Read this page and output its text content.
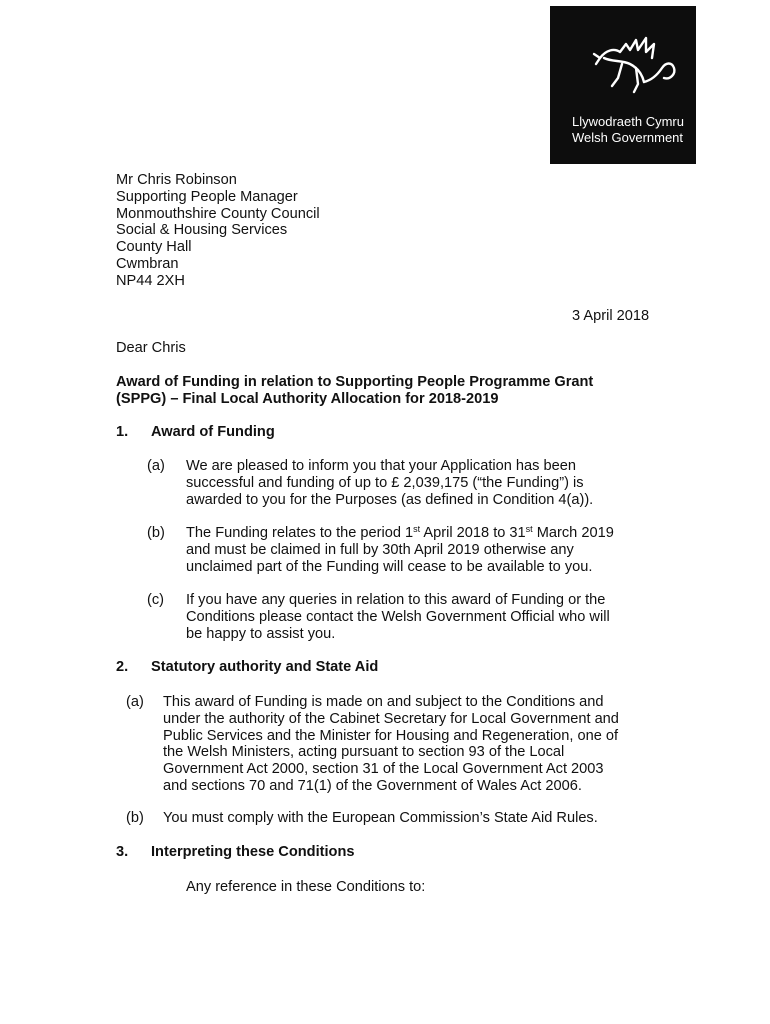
Llywodraeth Cymru
Welsh Government
Mr Chris Robinson
Supporting People Manager
Monmouthshire County Council
Social & Housing Services
County Hall
Cwmbran
NP44 2XH
3 April 2018
Dear Chris
Award of Funding in relation to Supporting People Programme Grant
(SPPG) – Final Local Authority Allocation for 2018-2019
1. Award of Funding
(a) We are pleased to inform you that your Application has been
successful and funding of up to £ 2,039,175 (“the Funding”) is
awarded to you for the Purposes (as defined in Condition 4(a)).
(b) The Funding relates to the period 1st April 2018 to 31st March 2019
and must be claimed in full by 30th April 2019 otherwise any
unclaimed part of the Funding will cease to be available to you.
(c) If you have any queries in relation to this award of Funding or the
Conditions please contact the Welsh Government Official who will
be happy to assist you.
2. Statutory authority and State Aid
(a) This award of Funding is made on and subject to the Conditions and
under the authority of the Cabinet Secretary for Local Government and
Public Services and the Minister for Housing and Regeneration, one of
the Welsh Ministers, acting pursuant to section 93 of the Local
Government Act 2000, section 31 of the Local Government Act 2003
and sections 70 and 71(1) of the Government of Wales Act 2006.
(b) You must comply with the European Commission’s State Aid Rules.
3. Interpreting these Conditions
Any reference in these Conditions to:
